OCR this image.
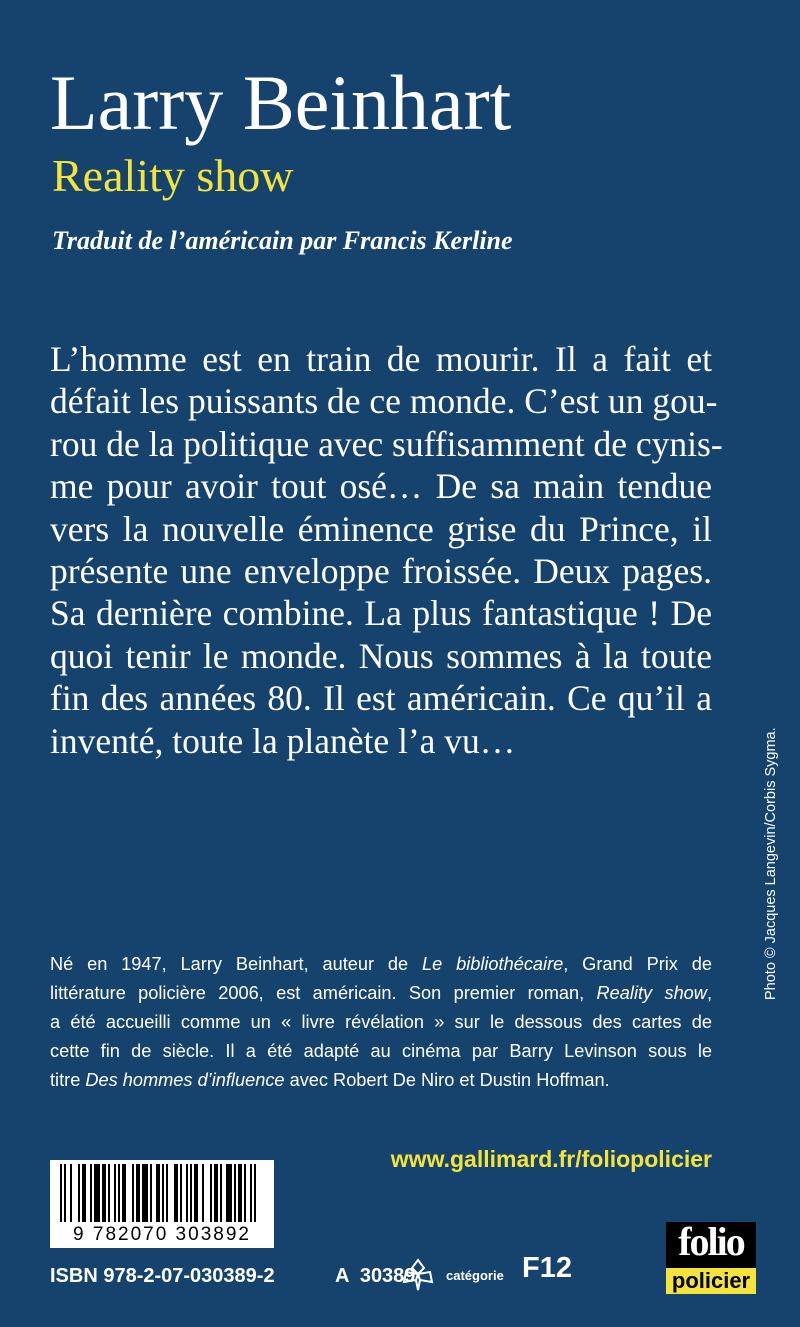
Larry Beinhart
Reality show
Traduit de l’américain par Francis Kerline
L’homme est en train de mourir. Il a fait et
défait les puissants de ce monde. C’est un gou-
rou de la politique avec suffisamment de cynis-
me pour avoir tout osé… De sa main tendue
vers la nouvelle éminence grise du Prince, il
présente une enveloppe froissée. Deux pages.
Sa dernière combine. La plus fantastique ! De
quoi tenir le monde. Nous sommes à la toute
fin des années 80. Il est américain. Ce qu’il a
inventé, toute la planète l’a vu…	Photo © Jacques Langevin/Corbis Sygma.
Né en 1947, Larry Beinhart, auteur de Le bibliothécaire, Grand Prix de
littérature policière 2006, est américain. Son premier roman, Reality show,
a été accueilli comme un « livre révélation » sur le dessous des cartes de
cette fin de siècle. Il a été adapté au cinéma par Barry Levinson sous le
titre Des hommes d’influence avec Robert De Niro et Dustin Hoffman.
www.gallimard.fr/foliopolicier
9 782070 303892
ISBN 978-2-07-030389-2	A  30389 catégorie F12
folio
policier
